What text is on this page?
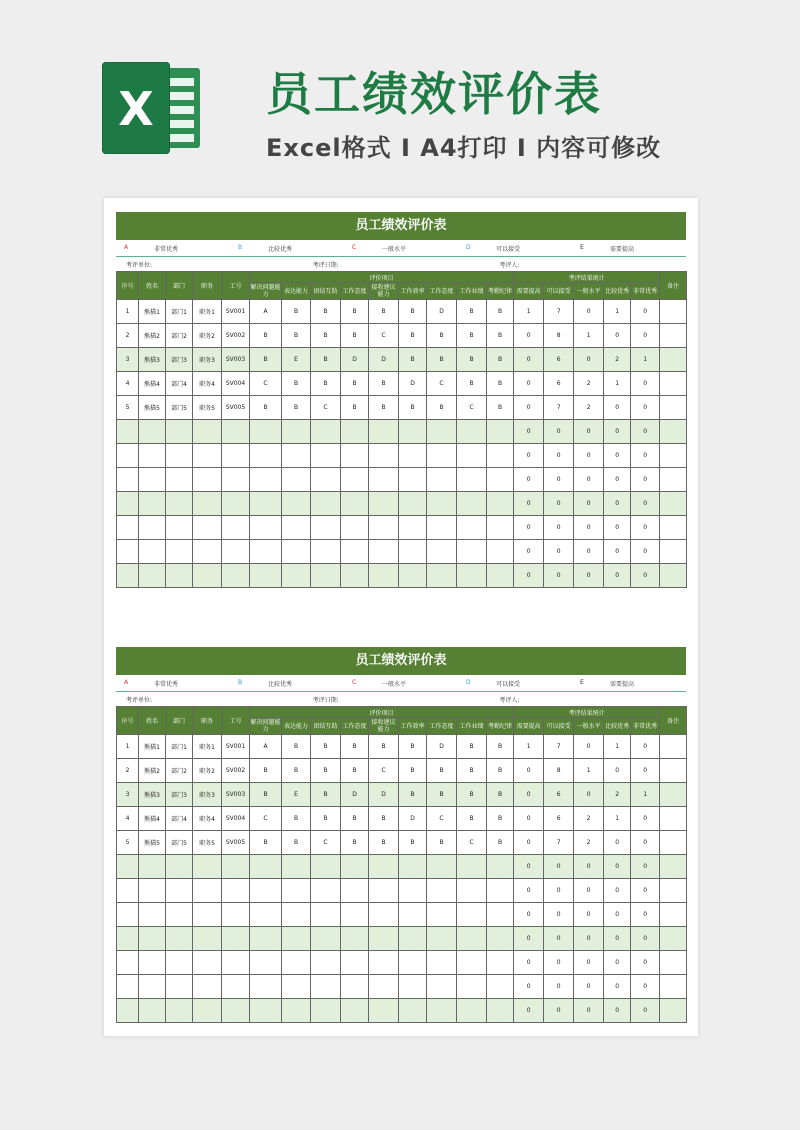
X	员工绩效评价表
Excel格式 I A4打印 I 内容可修改
员工绩效评价表
A	非常优秀	B	比较优秀	C	一般水平	D	可以接受	E	需要提高
考评单位:	考评日期:	考评人:
序号	姓名	部门	职务	工号	评价项目									考评结果统计					备注
					解决问题能力	表达能力	团结互助	工作态度	接收建议能力	工作效率	工作态度	工作业绩	考勤纪律	需要提高	可以接受	一般水平	比较优秀	非常优秀	
1	熊猫1	部门1	职务1	SV001	A	B	B	B	B	B	D	B	B	1	7	0	1	0	
2	熊猫2	部门2	职务2	SV002	B	B	B	B	C	B	B	B	B	0	8	1	0	0	
3	熊猫3	部门3	职务3	SV003	B	E	B	D	D	B	B	B	B	0	6	0	2	1	
4	熊猫4	部门4	职务4	SV004	C	B	B	B	B	D	C	B	B	0	6	2	1	0	
5	熊猫5	部门5	职务5	SV005	B	B	C	B	B	B	B	C	B	0	7	2	0	0	
														0	0	0	0	0	
														0	0	0	0	0	
														0	0	0	0	0	
														0	0	0	0	0	
														0	0	0	0	0	
														0	0	0	0	0	
														0	0	0	0	0	
员工绩效评价表
A	非常优秀	B	比较优秀	C	一般水平	D	可以接受	E	需要提高
考评单位:	考评日期:	考评人:
序号	姓名	部门	职务	工号	评价项目									考评结果统计					备注
					解决问题能力	表达能力	团结互助	工作态度	接收建议能力	工作效率	工作态度	工作业绩	考勤纪律	需要提高	可以接受	一般水平	比较优秀	非常优秀	
1	熊猫1	部门1	职务1	SV001	A	B	B	B	B	B	D	B	B	1	7	0	1	0	
2	熊猫2	部门2	职务2	SV002	B	B	B	B	C	B	B	B	B	0	8	1	0	0	
3	熊猫3	部门3	职务3	SV003	B	E	B	D	D	B	B	B	B	0	6	0	2	1	
4	熊猫4	部门4	职务4	SV004	C	B	B	B	B	D	C	B	B	0	6	2	1	0	
5	熊猫5	部门5	职务5	SV005	B	B	C	B	B	B	B	C	B	0	7	2	0	0	
														0	0	0	0	0	
														0	0	0	0	0	
														0	0	0	0	0	
														0	0	0	0	0	
														0	0	0	0	0	
														0	0	0	0	0	
														0	0	0	0	0	
